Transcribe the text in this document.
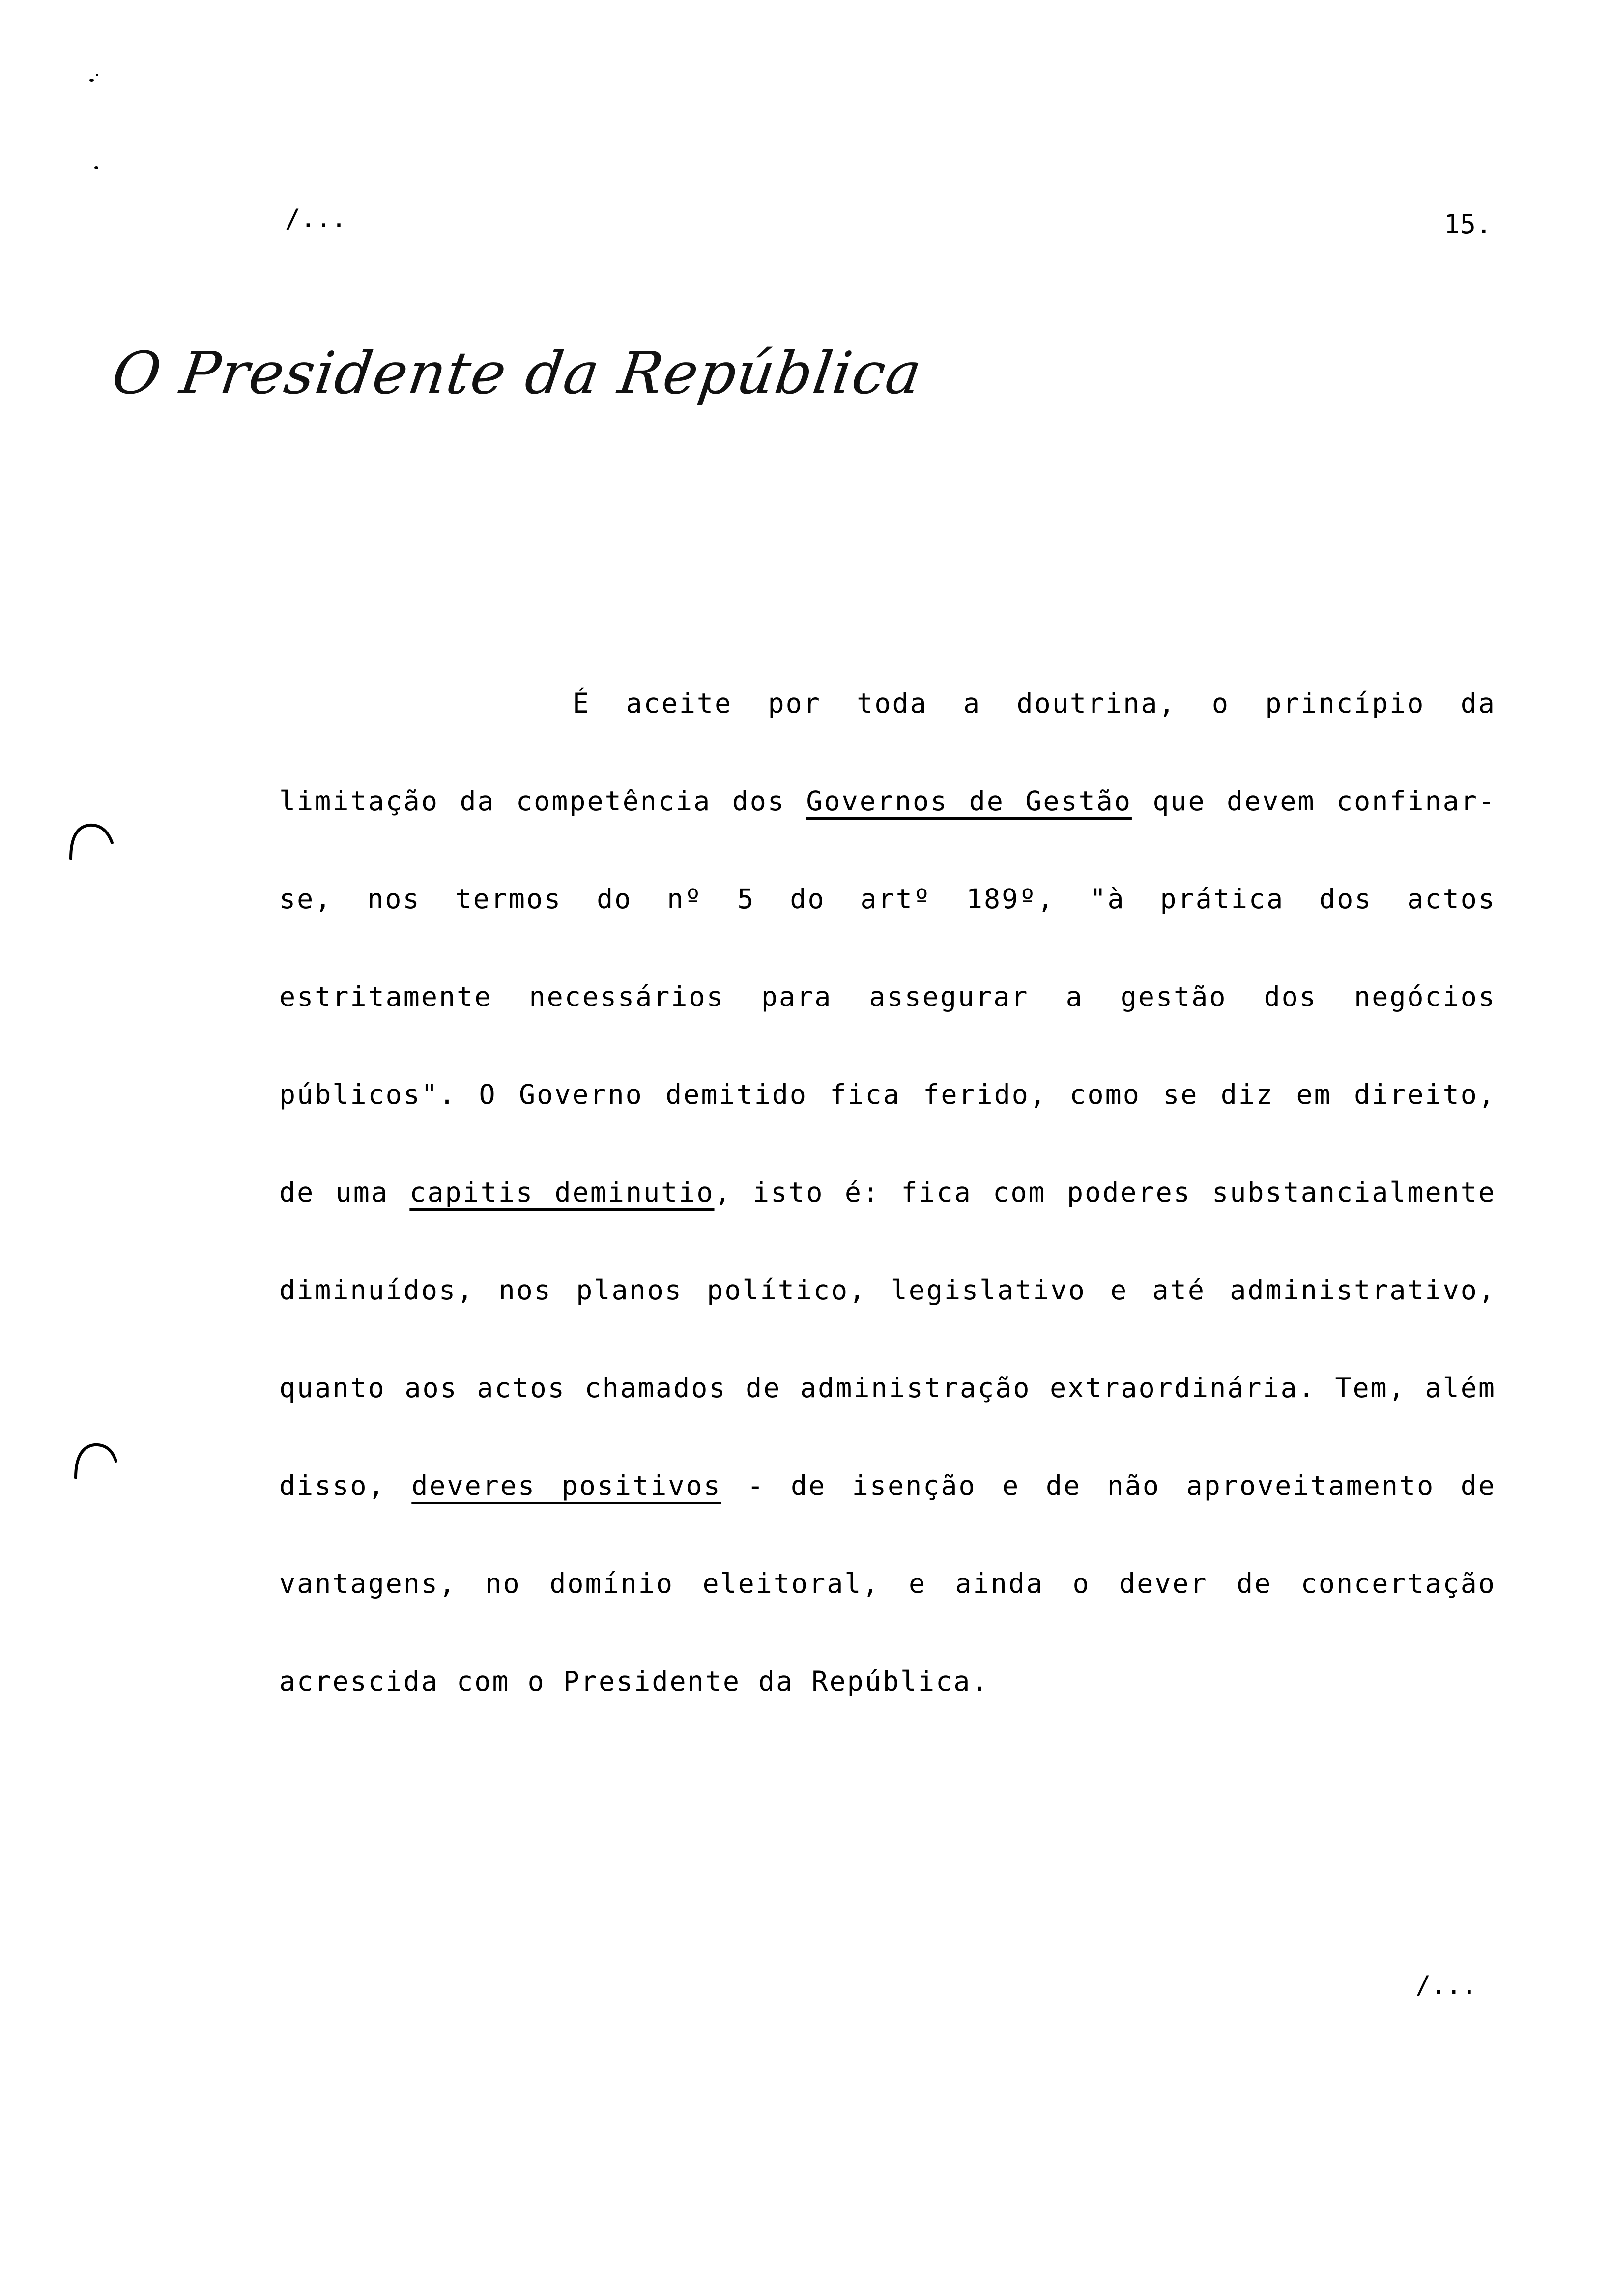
/...	15.
O Presidente da República

É aceite por toda a doutrina, o princípio da limitação da competência dos Governos de Gestão que devem confinar-se, nos termos do nº 5 do artº 189º, "à prática dos actos estritamente necessários para assegurar a gestão dos negócios públicos". O Governo demitido fica ferido, como se diz em direito, de uma capitis deminutio, isto é: fica com poderes substancialmente diminuídos, nos planos político, legislativo e até administrativo, quanto aos actos chamados de administração extraordinária. Tem, além disso, deveres positivos - de isenção e de não aproveitamento de vantagens, no domínio eleitoral, e ainda o dever de concertação acrescida com o Presidente da República.

/...
